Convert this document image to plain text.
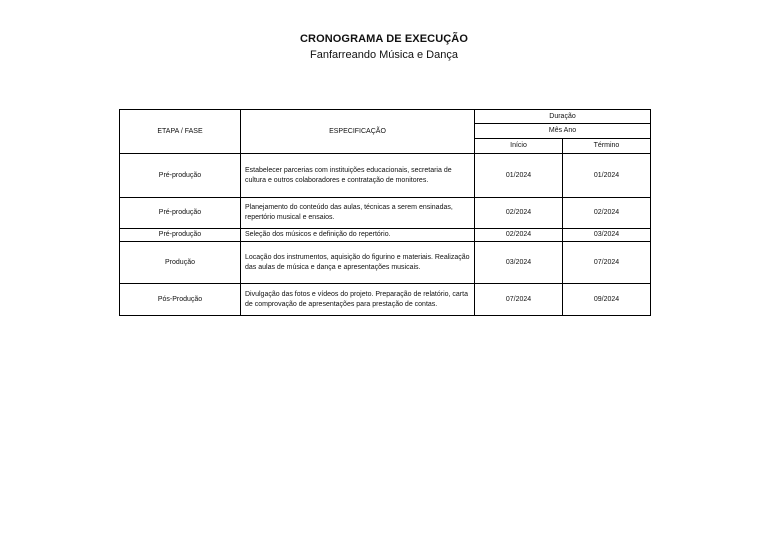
CRONOGRAMA DE EXECUÇÃO
Fanfarreando Música e Dança
ETAPA / FASE	ESPECIFICAÇÃO	Duração	
		Mês Ano	
		Início	Término
Pré-produção	Estabelecer parcerias com instituições educacionais, secretaria de cultura e outros colaboradores e contratação de monitores.	01/2024	01/2024
Pré-produção	Planejamento do conteúdo das aulas, técnicas a serem ensinadas, repertório musical e ensaios.	02/2024	02/2024
Pré-produção	Seleção dos músicos e definição do repertório.	02/2024	03/2024
Produção	Locação dos instrumentos, aquisição do figurino e materiais. Realização das aulas de música e dança e apresentações musicais.	03/2024	07/2024
Pós-Produção	Divulgação das fotos e vídeos do projeto. Preparação de relatório, carta de comprovação de apresentações para prestação de contas.	07/2024	09/2024
